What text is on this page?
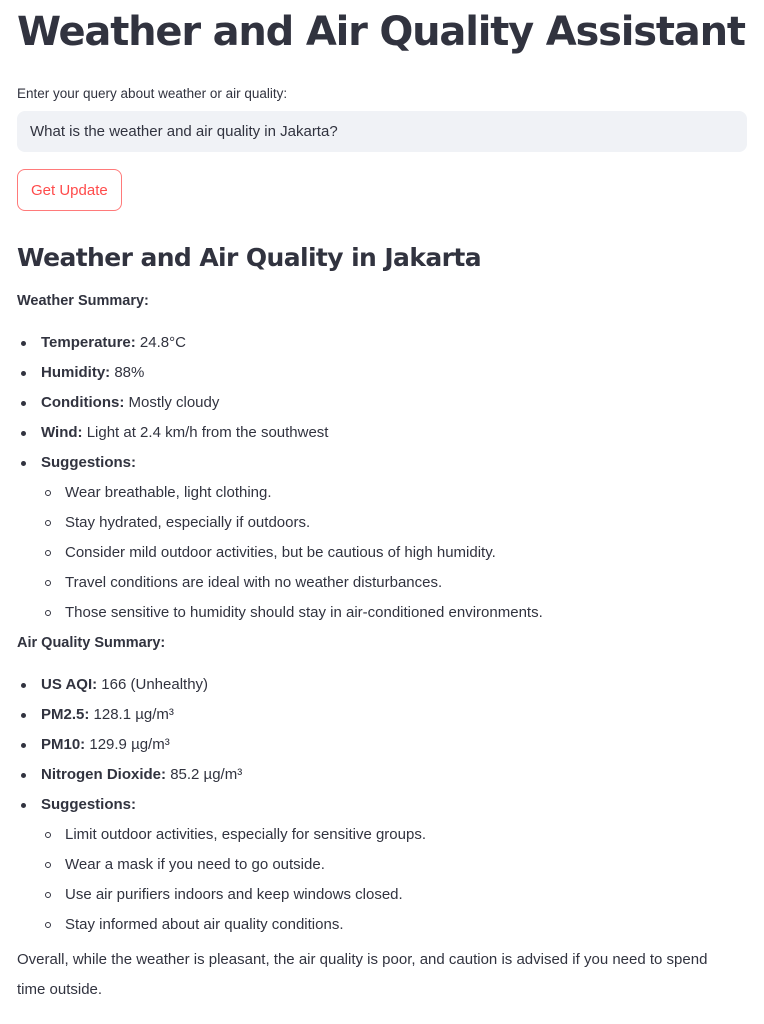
Weather and Air Quality Assistant
Enter your query about weather or air quality:
What is the weather and air quality in Jakarta? Get Update
Weather and Air Quality in Jakarta
Weather Summary:
Temperature: 24.8°C
Humidity: 88%
Conditions: Mostly cloudy
Wind: Light at 2.4 km/h from the southwest
Suggestions:
Wear breathable, light clothing.
Stay hydrated, especially if outdoors.
Consider mild outdoor activities, but be cautious of high humidity.
Travel conditions are ideal with no weather disturbances.
Those sensitive to humidity should stay in air-conditioned environments.
Air Quality Summary:
US AQI: 166 (Unhealthy)
PM2.5: 128.1 µg/m³
PM10: 129.9 µg/m³
Nitrogen Dioxide: 85.2 µg/m³
Suggestions:
Limit outdoor activities, especially for sensitive groups.
Wear a mask if you need to go outside.
Use air purifiers indoors and keep windows closed.
Stay informed about air quality conditions.
Overall, while the weather is pleasant, the air quality is poor, and caution is advised if you need to spend time outside.
